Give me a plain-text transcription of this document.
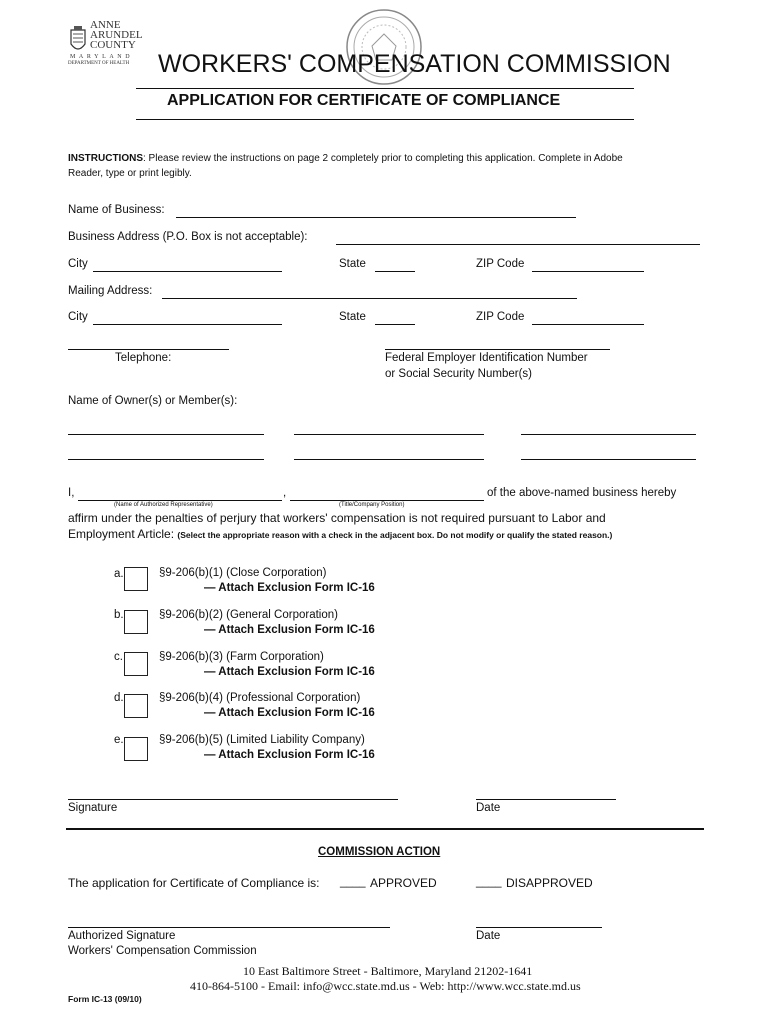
ANNE
ARUNDEL
COUNTY
MARYLAND
DEPARTMENT OF HEALTH WORKERS' COMPENSATION COMMISSION
APPLICATION FOR CERTIFICATE OF COMPLIANCE
INSTRUCTIONS: Please review the instructions on page 2 completely prior to completing this application. Complete in Adobe
Reader, type or print legibly.
Name of Business:
Business Address (P.O. Box is not acceptable):
City	State	ZIP Code
Mailing Address:
City	State	ZIP Code
Telephone:	Federal Employer Identification Number
or Social Security Number(s)
Name of Owner(s) or Member(s):
I,	,	of the above-named business hereby
(Name of Authorized Representative)	(Title/Company Position)
affirm under the penalties of perjury that workers' compensation is not required pursuant to Labor and
Employment Article: (Select the appropriate reason with a check in the adjacent box. Do not modify or qualify the stated reason.)
a.	§9-206(b)(1) (Close Corporation)
— Attach Exclusion Form IC-16
b.	§9-206(b)(2) (General Corporation)
— Attach Exclusion Form IC-16
c.	§9-206(b)(3) (Farm Corporation)
— Attach Exclusion Form IC-16
d.	§9-206(b)(4) (Professional Corporation)
— Attach Exclusion Form IC-16
e.	§9-206(b)(5) (Limited Liability Company)
— Attach Exclusion Form IC-16
Signature	Date
COMMISSION ACTION
The application for Certificate of Compliance is: ____ APPROVED	____ DISAPPROVED
Authorized Signature
Workers' Compensation Commission
Date
10 East Baltimore Street - Baltimore, Maryland 21202-1641
410-864-5100 - Email: info@wcc.state.md.us - Web: http://www.wcc.state.md.us
Form IC-13 (09/10)
